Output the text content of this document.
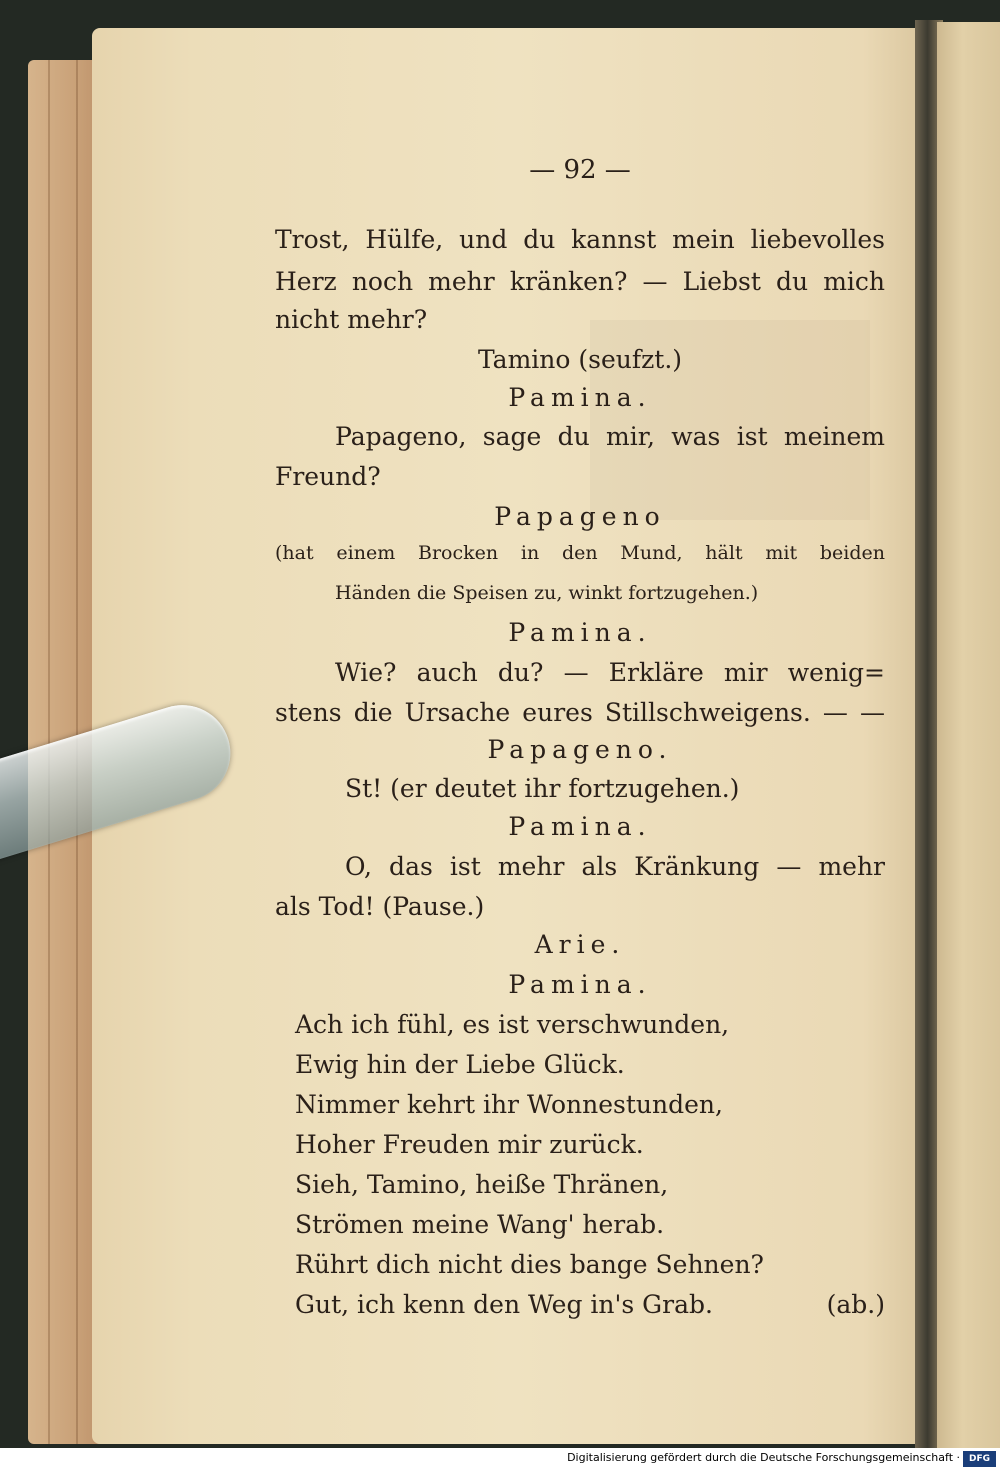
— 92 —
Trost, Hülfe, und du kannst mein liebevolles
Herz noch mehr kränken? — Liebst du mich
nicht mehr?
Tamino (seufzt.)
Pamina.
Papageno, sage du mir, was ist meinem
Freund?
Papageno
(hat einem Brocken in den Mund, hält mit beiden
Händen die Speisen zu, winkt fortzugehen.)
Pamina.
Wie? auch du? — Erkläre mir wenig=
stens die Ursache eures Stillschweigens. — —
Papageno.
St! (er deutet ihr fortzugehen.)
Pamina.
O, das ist mehr als Kränkung — mehr
als Tod! (Pause.)
Arie.
Pamina.
Ach ich fühl, es ist verschwunden,
Ewig hin der Liebe Glück.
Nimmer kehrt ihr Wonnestunden,
Hoher Freuden mir zurück.
Sieh, Tamino, heiße Thränen,
Strömen meine Wang' herab.
Rührt dich nicht dies bange Sehnen?
Gut, ich kenn den Weg in's Grab.	(ab.)
Digitalisierung gefördert durch die Deutsche Forschungsgemeinschaft · DFG
